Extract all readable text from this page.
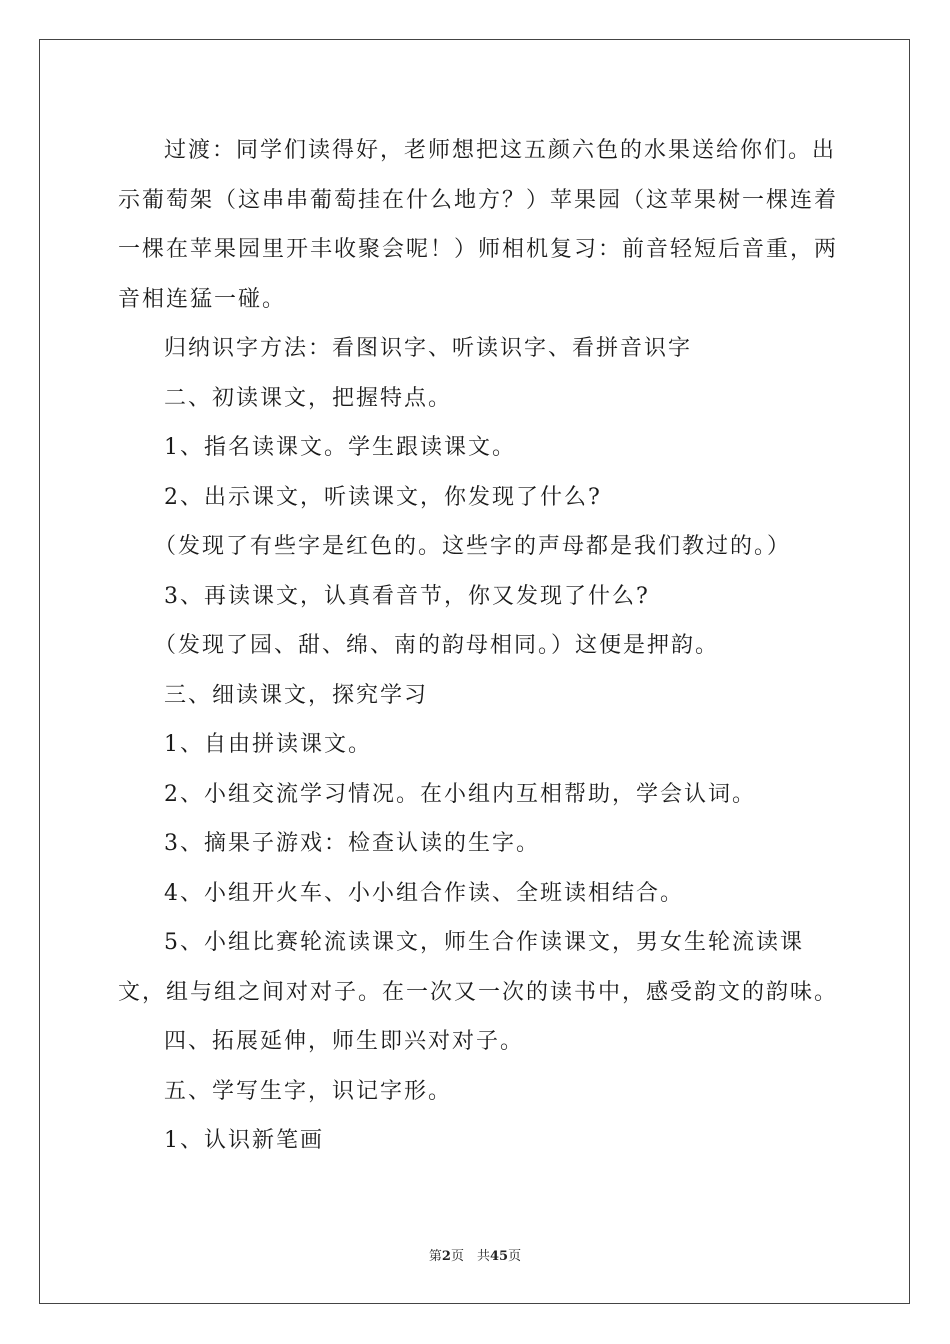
过渡：同学们读得好，老师想把这五颜六色的水果送给你们。出示葡萄架（这串串葡萄挂在什么地方？）苹果园（这苹果树一棵连着一棵在苹果园里开丰收聚会呢！）师相机复习：前音轻短后音重，两音相连猛一碰。

归纳识字方法：看图识字、听读识字、看拼音识字

二、初读课文，把握特点。

1、指名读课文。学生跟读课文。

2、出示课文，听读课文，你发现了什么?

（发现了有些字是红色的。这些字的声母都是我们教过的。）

3、再读课文，认真看音节，你又发现了什么?

（发现了园、甜、绵、南的韵母相同。）这便是押韵。

三、细读课文，探究学习

1、自由拼读课文。

2、小组交流学习情况。在小组内互相帮助，学会认词。

3、摘果子游戏：检查认读的生字。

4、小组开火车、小小组合作读、全班读相结合。

5、小组比赛轮流读课文，师生合作读课文，男女生轮流读课文，组与组之间对对子。在一次又一次的读书中，感受韵文的韵味。

四、拓展延伸，师生即兴对对子。

五、学写生字，识记字形。

1、认识新笔画

第2页　共45页
